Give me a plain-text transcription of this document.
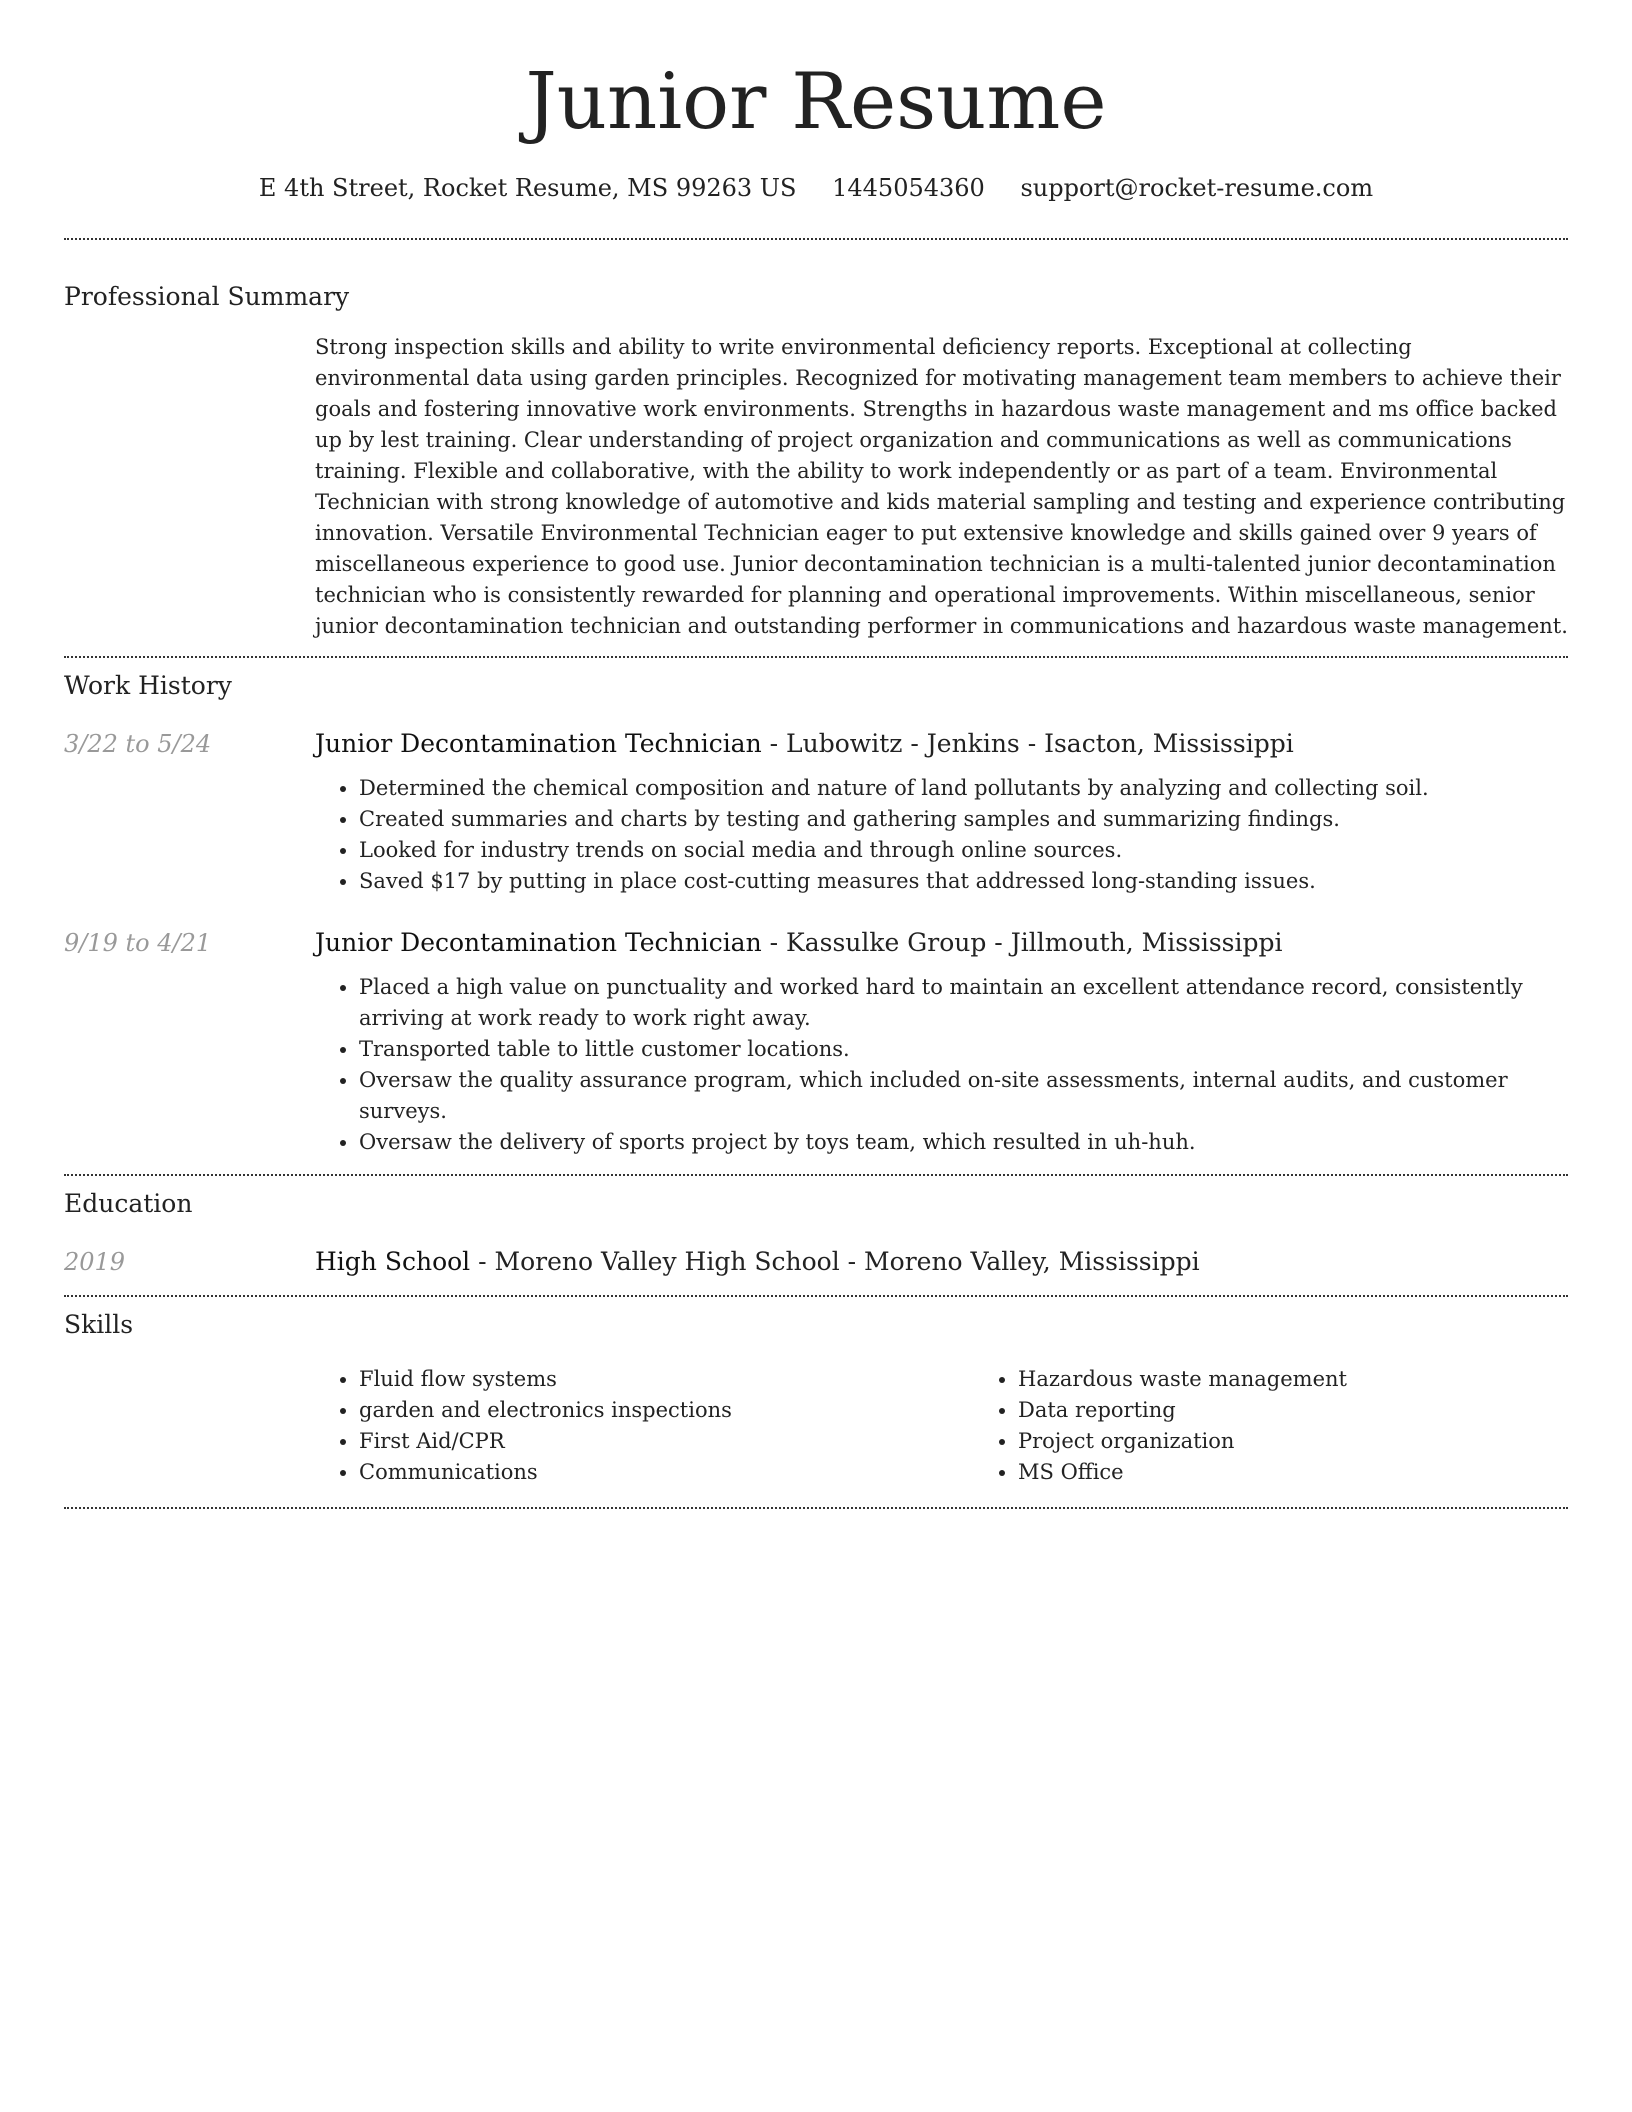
Junior Resume
E 4th Street, Rocket Resume, MS 99263 US 1445054360 support@rocket-resume.com
Professional Summary

Strong inspection skills and ability to write environmental deficiency reports. Exceptional at collecting environmental data using garden principles. Recognized for motivating management team members to achieve their goals and fostering innovative work environments. Strengths in hazardous waste management and ms office backed up by lest training. Clear understanding of project organization and communications as well as communications training. Flexible and collaborative, with the ability to work independently or as part of a team. Environmental Technician with strong knowledge of automotive and kids material sampling and testing and experience contributing innovation. Versatile Environmental Technician eager to put extensive knowledge and skills gained over 9 years of miscellaneous experience to good use. Junior decontamination technician is a multi-talented junior decontamination technician who is consistently rewarded for planning and operational improvements. Within miscellaneous, senior junior decontamination technician and outstanding performer in communications and hazardous waste management.

Work History
3/22 to 5/24	Junior Decontamination Technician - Lubowitz - Jenkins - Isacton, Mississippi
• Determined the chemical composition and nature of land pollutants by analyzing and collecting soil.
• Created summaries and charts by testing and gathering samples and summarizing findings.
• Looked for industry trends on social media and through online sources.
• Saved $17 by putting in place cost-cutting measures that addressed long-standing issues.
9/19 to 4/21	Junior Decontamination Technician - Kassulke Group - Jillmouth, Mississippi
• Placed a high value on punctuality and worked hard to maintain an excellent attendance record, consistently arriving at work ready to work right away.
• Transported table to little customer locations.
• Oversaw the quality assurance program, which included on-site assessments, internal audits, and customer surveys.
• Oversaw the delivery of sports project by toys team, which resulted in uh-huh.
Education
2019	High School - Moreno Valley High School - Moreno Valley, Mississippi
Skills
• Fluid flow systems
• garden and electronics inspections
• First Aid/CPR
• Communications
• Hazardous waste management
• Data reporting
• Project organization
• MS Office
